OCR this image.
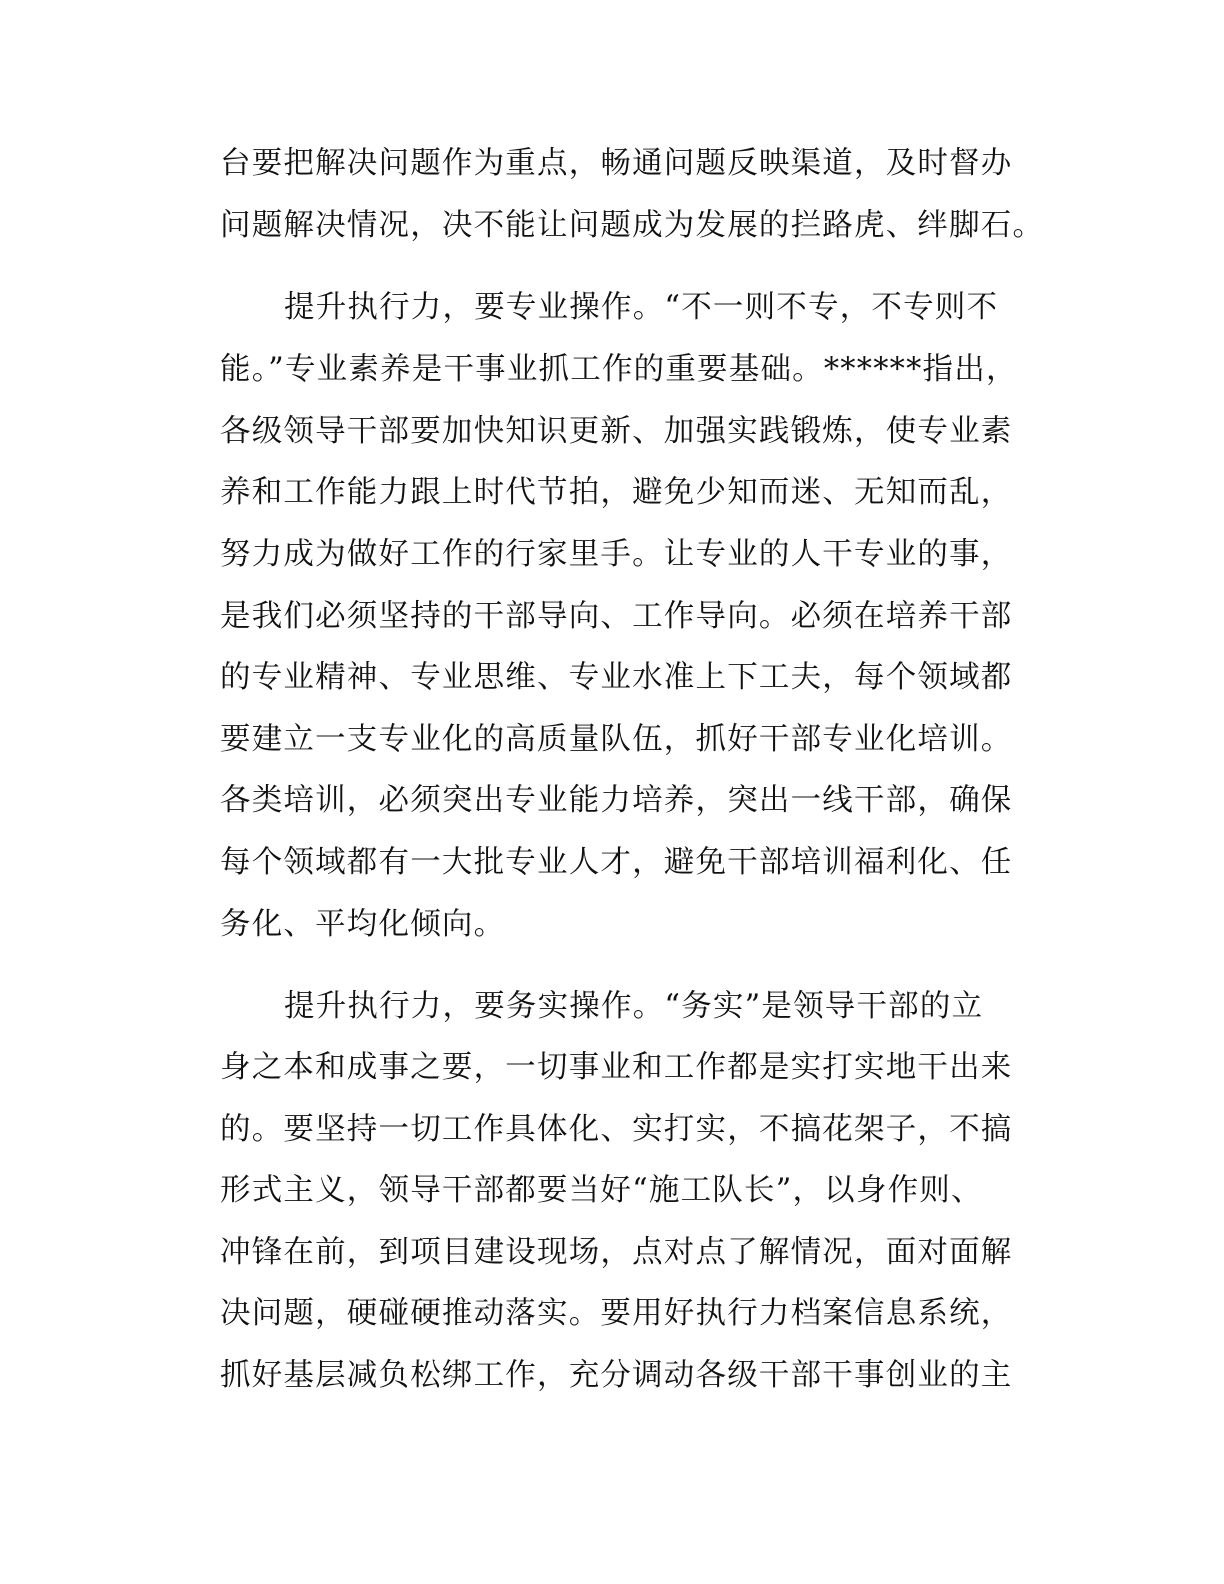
台要把解决问题作为重点，畅通问题反映渠道，及时督办
问题解决情况，决不能让问题成为发展的拦路虎、绊脚石。
提升执行力，要专业操作。“不一则不专，不专则不
能。”专业素养是干事业抓工作的重要基础。******指出，
各级领导干部要加快知识更新、加强实践锻炼，使专业素
养和工作能力跟上时代节拍，避免少知而迷、无知而乱，
努力成为做好工作的行家里手。让专业的人干专业的事，
是我们必须坚持的干部导向、工作导向。必须在培养干部
的专业精神、专业思维、专业水准上下工夫，每个领域都
要建立一支专业化的高质量队伍，抓好干部专业化培训。
各类培训，必须突出专业能力培养，突出一线干部，确保
每个领域都有一大批专业人才，避免干部培训福利化、任
务化、平均化倾向。
提升执行力，要务实操作。“务实”是领导干部的立
身之本和成事之要，一切事业和工作都是实打实地干出来
的。要坚持一切工作具体化、实打实，不搞花架子，不搞
形式主义，领导干部都要当好“施工队长”，以身作则、
冲锋在前，到项目建设现场，点对点了解情况，面对面解
决问题，硬碰硬推动落实。要用好执行力档案信息系统，
抓好基层减负松绑工作，充分调动各级干部干事创业的主
